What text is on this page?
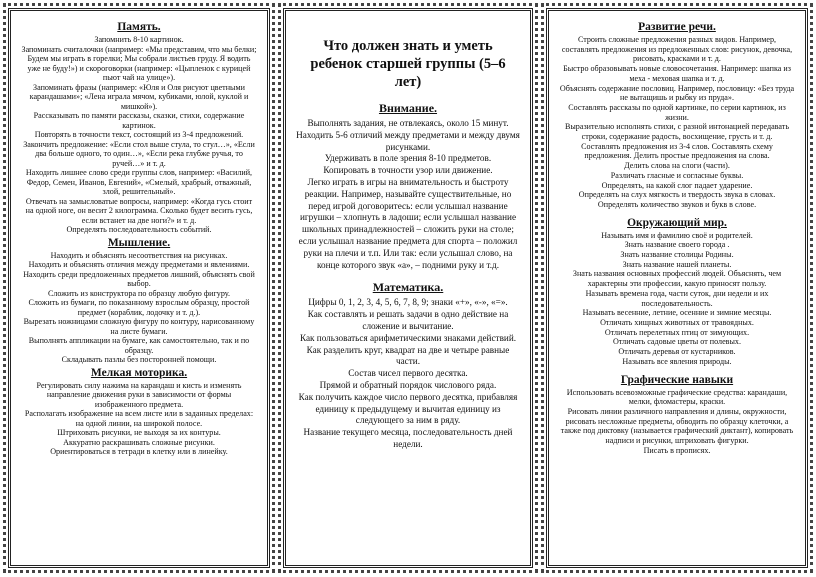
Память.

Запомнить 8-10 картинок.

Запоминать считалочки (например: «Мы представим, что мы белки; Будем мы играть в горелки; Мы собрали листьев груду. Я водить уже не буду!») и скороговорки (например: «Цыпленок с курицей пьют чай на улице»).

Запоминать фразы (например: «Юля и Оля рисуют цветными карандашами»; «Лена играла мячом, кубиками, юлой, куклой и мишкой»).

Рассказывать по памяти рассказы, сказки, стихи, содержание картинок.

Повторять в точности текст, состоящий из 3-4 предложений.

Закончить предложение: «Если стол выше стула, то стул…», «Если два больше одного, то один…», «Если река глубже ручья, то ручей…» и т. д.

Находить лишнее слово среди группы слов, например: «Василий, Федор, Семен, Иванов, Евгений», «Смелый, храбрый, отважный, злой, решительный».

Отвечать на замысловатые вопросы, например: «Когда гусь стоит на одной ноге, он весит 2 килограмма. Сколько будет весить гусь, если встанет на две ноги?» и т. д.

Определять последовательность событий.

Мышление.

Находить и объяснять несоответствия на рисунках.

Находить и объяснять отличия между предметами и явлениями.

Находить среди предложенных предметов лишний, объяснять свой выбор.

Сложить из конструктора по образцу любую фигуру.

Сложить из бумаги, по показанному взрослым образцу, простой предмет (кораблик, лодочку и т. д.).

Вырезать ножницами сложную фигуру по контуру, нарисованному на листе бумаги.

Выполнять аппликации на бумаге, как самостоятельно, так и по образцу.

Складывать пазлы без посторонней помощи.

Мелкая моторика.

Регулировать силу нажима на карандаш и кисть и изменять направление движения руки в зависимости от формы изображенного предмета.

Располагать изображение на всем листе или в заданных пределах: на одной линии, на широкой полосе.

Штриховать рисунки, не выходя за их контуры.

Аккуратно раскрашивать сложные рисунки.

Ориентироваться в тетради в клетку или в линейку.

Что должен знать и уметь ребенок старшей группы (5–6 лет)
Внимание.

Выполнять задания, не отвлекаясь, около 15 минут.

Находить 5-6 отличий между предметами и между двумя рисунками.

Удерживать в поле зрения 8-10 предметов.

Копировать в точности узор или движение.

Легко играть в игры на внимательность и быстроту реакции. Например, называйте существительные, но перед игрой договоритесь: если услышал название игрушки – хлопнуть в ладоши; если услышал название школьных принадлежностей – сложить руки на столе; если услышал название предмета для спорта – положил руки на плечи и т.п. Или так: если услышал слово, на конце которого звук «а», – подними руку и т.д.

Математика.

Цифры 0, 1, 2, 3, 4, 5, 6, 7, 8, 9; знаки «+», «-», «=».

Как составлять и решать задачи в одно действие на сложение и вычитание.

Как пользоваться арифметическими знаками действий.

Как разделить круг, квадрат на две и четыре равные части.

Состав чисел первого десятка.

Прямой и обратный порядок числового ряда.

Как получить каждое число первого десятка, прибавляя единицу к предыдущему и вычитая единицу из следующего за ним в ряду.

Название текущего месяца, последовательность дней недели.

Развитие речи.

Строить сложные предложения разных видов. Например, составлять предложения из предложенных слов: рисунок, девочка, рисовать, красками и т. д.

Быстро образовывать новые словосочетания. Например: шапка из меха - меховая шапка и т. д.

Объяснять содержание пословиц. Например, пословицу: «Без труда не вытащишь и рыбку из пруда».

Составлять рассказы по одной картинке, по серии картинок, из жизни.

Выразительно исполнять стихи, с разной интонацией передавать строки, содержание радость, восхищение, грусть и т. д.

Составлять предложения из 3-4 слов. Составлять схему предложения. Делить простые предложения на слова.

Делить слова на слоги (части).

Различать гласные и согласные буквы.

Определять, на какой слог падает ударение.

Определять на слух мягкость и твердость звука в словах.

Определять количество звуков и букв в слове.

Окружающий мир.

Называть имя и фамилию своё и родителей.

Знать название своего города .

Знать название столицы Родины.

Знать название нашей планеты.

Знать названия основных профессий людей. Объяснять, чем характерны эти профессии, какую приносят пользу.

Называть времена года, части суток, дни недели и их последовательность.

Называть весенние, летние, осенние и зимние месяцы.

Отличать хищных животных от травоядных.

Отличать перелетных птиц от зимующих.

Отличать садовые цветы от полевых.

Отличать деревья от кустарников.

Называть все явления природы.

Графические навыки

Использовать всевозможные графические средства: карандаши, мелки, фломастеры, краски.

Рисовать линии различного направления и длины, окружности, рисовать несложные предметы, обводить по образцу клеточки, а также под диктовку (называется графический диктант), копировать надписи и рисунки, штриховать фигурки.

Писать в прописях.
